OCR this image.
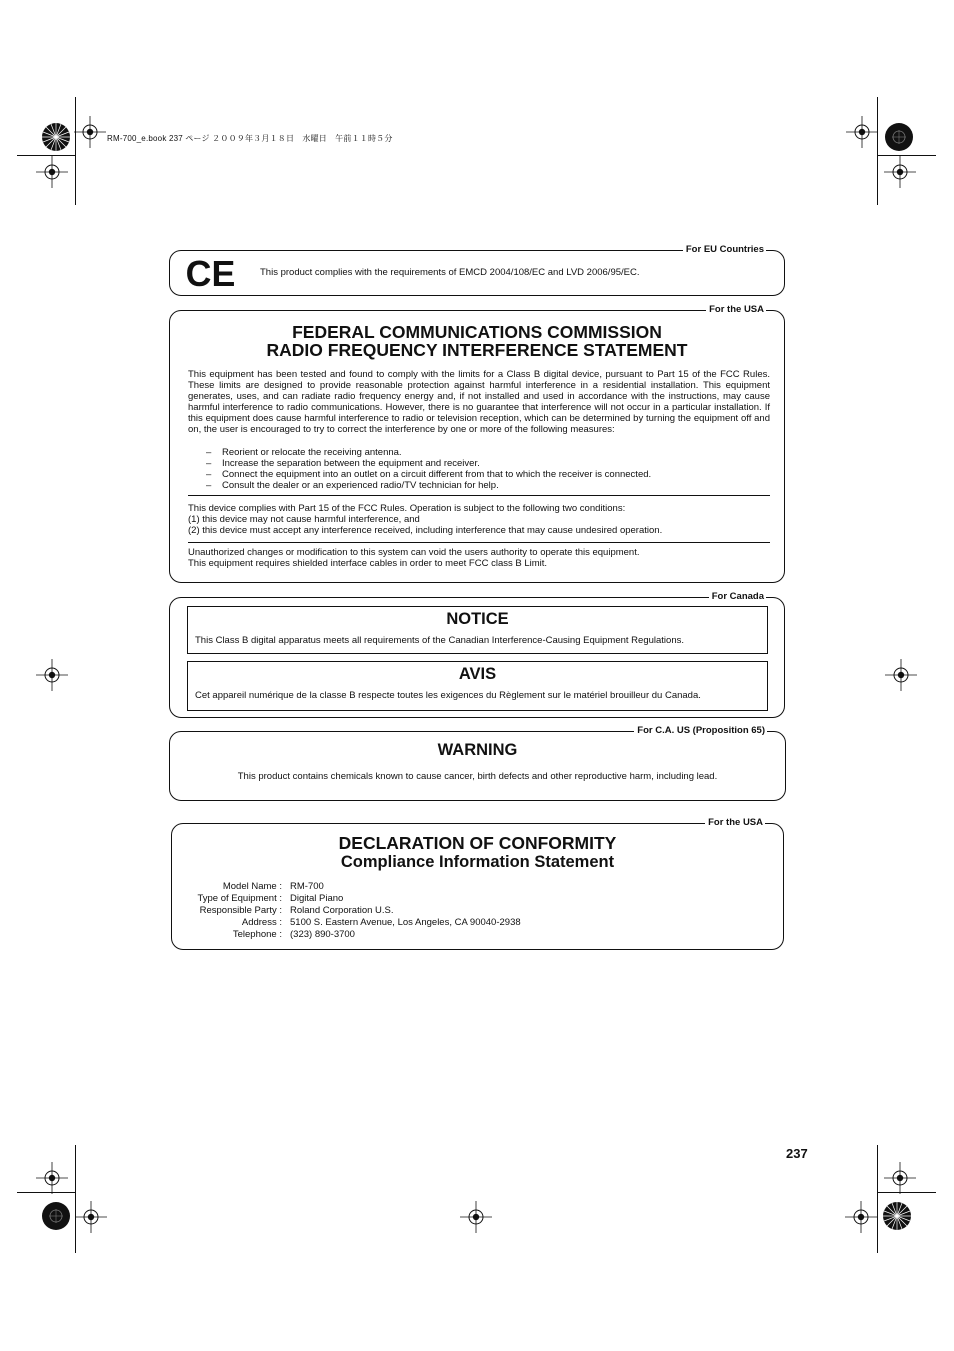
RM-700_e.book 237 ページ ２００９年３月１８日　水曜日　午前１１時５分
For EU Countries
CE	This product complies with the requirements of EMCD 2004/108/EC and LVD 2006/95/EC.
For the USA
FEDERAL COMMUNICATIONS COMMISSION
RADIO FREQUENCY INTERFERENCE STATEMENT
This equipment has been tested and found to comply with the limits for a Class B digital device, pursuant to Part 15 of the FCC Rules. These limits are designed to provide reasonable protection against harmful interference in a residential installation. This equipment generates, uses, and can radiate radio frequency energy and, if not installed and used in accordance with the instructions, may cause harmful interference to radio communications. However, there is no guarantee that interference will not occur in a particular installation. If this equipment does cause harmful interference to radio or television reception, which can be determined by turning the equipment off and on, the user is encouraged to try to correct the interference by one or more of the following measures:
– Reorient or relocate the receiving antenna.
– Increase the separation between the equipment and receiver.
– Connect the equipment into an outlet on a circuit different from that to which the receiver is connected.
– Consult the dealer or an experienced radio/TV technician for help.
This device complies with Part 15 of the FCC Rules. Operation is subject to the following two conditions:
(1) this device may not cause harmful interference, and
(2) this device must accept any interference received, including interference that may cause undesired operation.
Unauthorized changes or modification to this system can void the users authority to operate this equipment.
This equipment requires shielded interface cables in order to meet FCC class B Limit.
For Canada
NOTICE
This Class B digital apparatus meets all requirements of the Canadian Interference-Causing Equipment Regulations.
AVIS
Cet appareil numérique de la classe B respecte toutes les exigences du Règlement sur le matériel brouilleur du Canada.
For C.A. US (Proposition 65)
WARNING
This product contains chemicals known to cause cancer, birth defects and other reproductive harm, including lead.
For the USA
DECLARATION OF CONFORMITY
Compliance Information Statement
Model Name : RM-700
Type of Equipment : Digital Piano
Responsible Party : Roland Corporation U.S.
Address : 5100 S. Eastern Avenue, Los Angeles, CA 90040-2938
Telephone : (323) 890-3700
237
